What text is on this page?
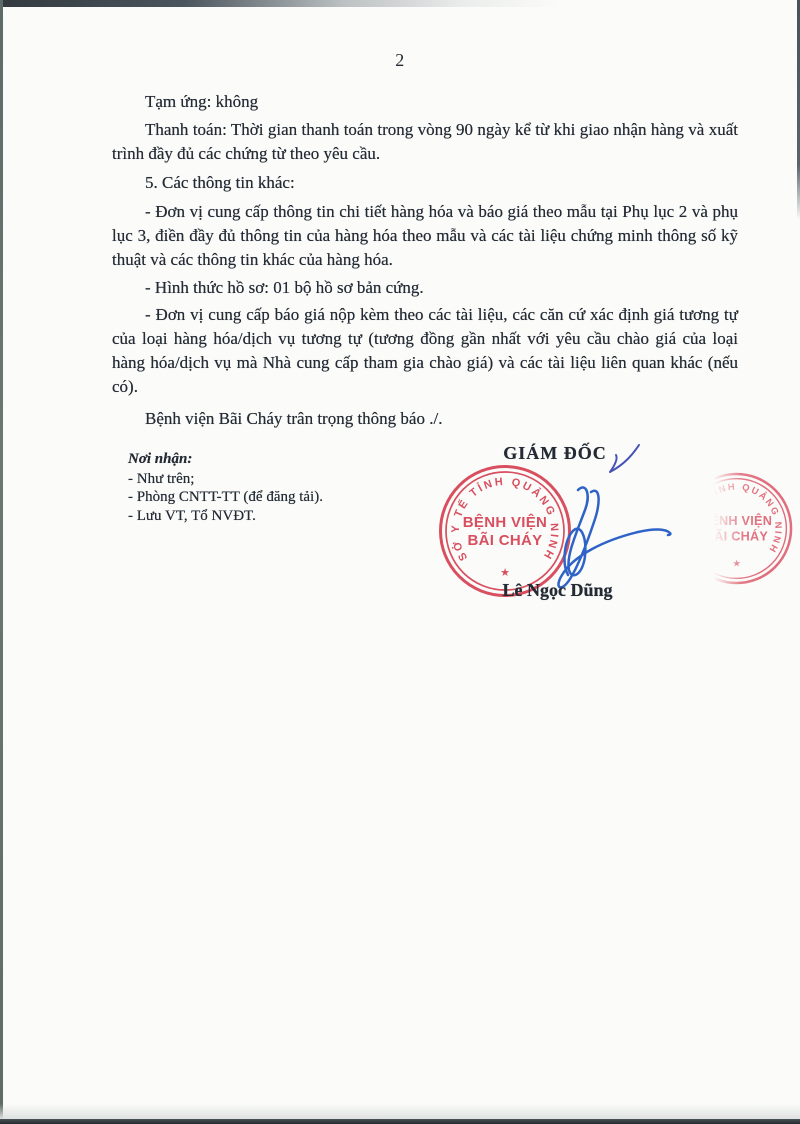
2

Tạm ứng: không

Thanh toán: Thời gian thanh toán trong vòng 90 ngày kể từ khi giao nhận hàng và xuất trình đầy đủ các chứng từ theo yêu cầu.

5. Các thông tin khác:

- Đơn vị cung cấp thông tin chi tiết hàng hóa và báo giá theo mẫu tại Phụ lục 2 và phụ lục 3, điền đầy đủ thông tin của hàng hóa theo mẫu và các tài liệu chứng minh thông số kỹ thuật và các thông tin khác của hàng hóa.

- Hình thức hồ sơ: 01 bộ hồ sơ bản cứng.

- Đơn vị cung cấp báo giá nộp kèm theo các tài liệu, các căn cứ xác định giá tương tự của loại hàng hóa/dịch vụ tương tự (tương đồng gần nhất với yêu cầu chào giá của loại hàng hóa/dịch vụ mà Nhà cung cấp tham gia chào giá) và các tài liệu liên quan khác (nếu có).

Bệnh viện Bãi Cháy trân trọng thông báo ./.

Nơi nhận:
- Như trên;
- Phòng CNTT-TT (để đăng tải).
- Lưu VT, Tổ NVĐT.
GIÁM ĐỐC
SỞ Y TẾ TỈNH QUẢNG NINH
BỆNH VIỆN
BÃI CHÁY
★
SỞ Y TẾ TỈNH QUẢNG NINH
BỆNH VIỆN
BÃI CHÁY
★
Lê Ngọc Dũng
